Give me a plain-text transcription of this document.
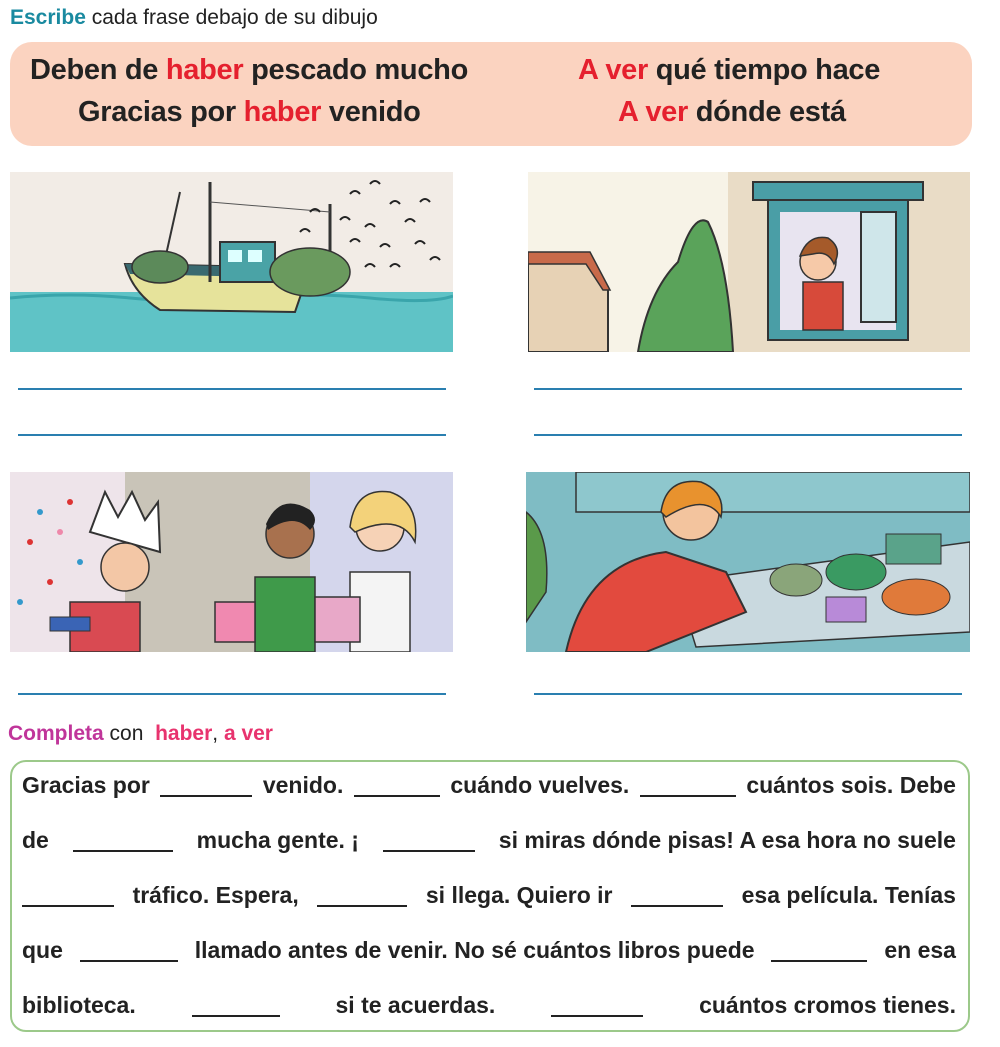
Escribe cada frase debajo de su dibujo
Deben de haber pescado mucho
Gracias por haber venido
A ver qué tiempo hace
A ver dónde está
Completa con haber, a ver
Gracias por	venido.	cuándo vuelves.	cuántos sois. Debe
de	mucha gente. ¡	si miras dónde pisas! A esa hora no suele
tráfico. Espera,	si llega. Quiero ir	esa película. Tenías
que	llamado antes de venir. No sé cuántos libros puede	en esa
biblioteca.	si te acuerdas.	cuántos cromos tienes.
